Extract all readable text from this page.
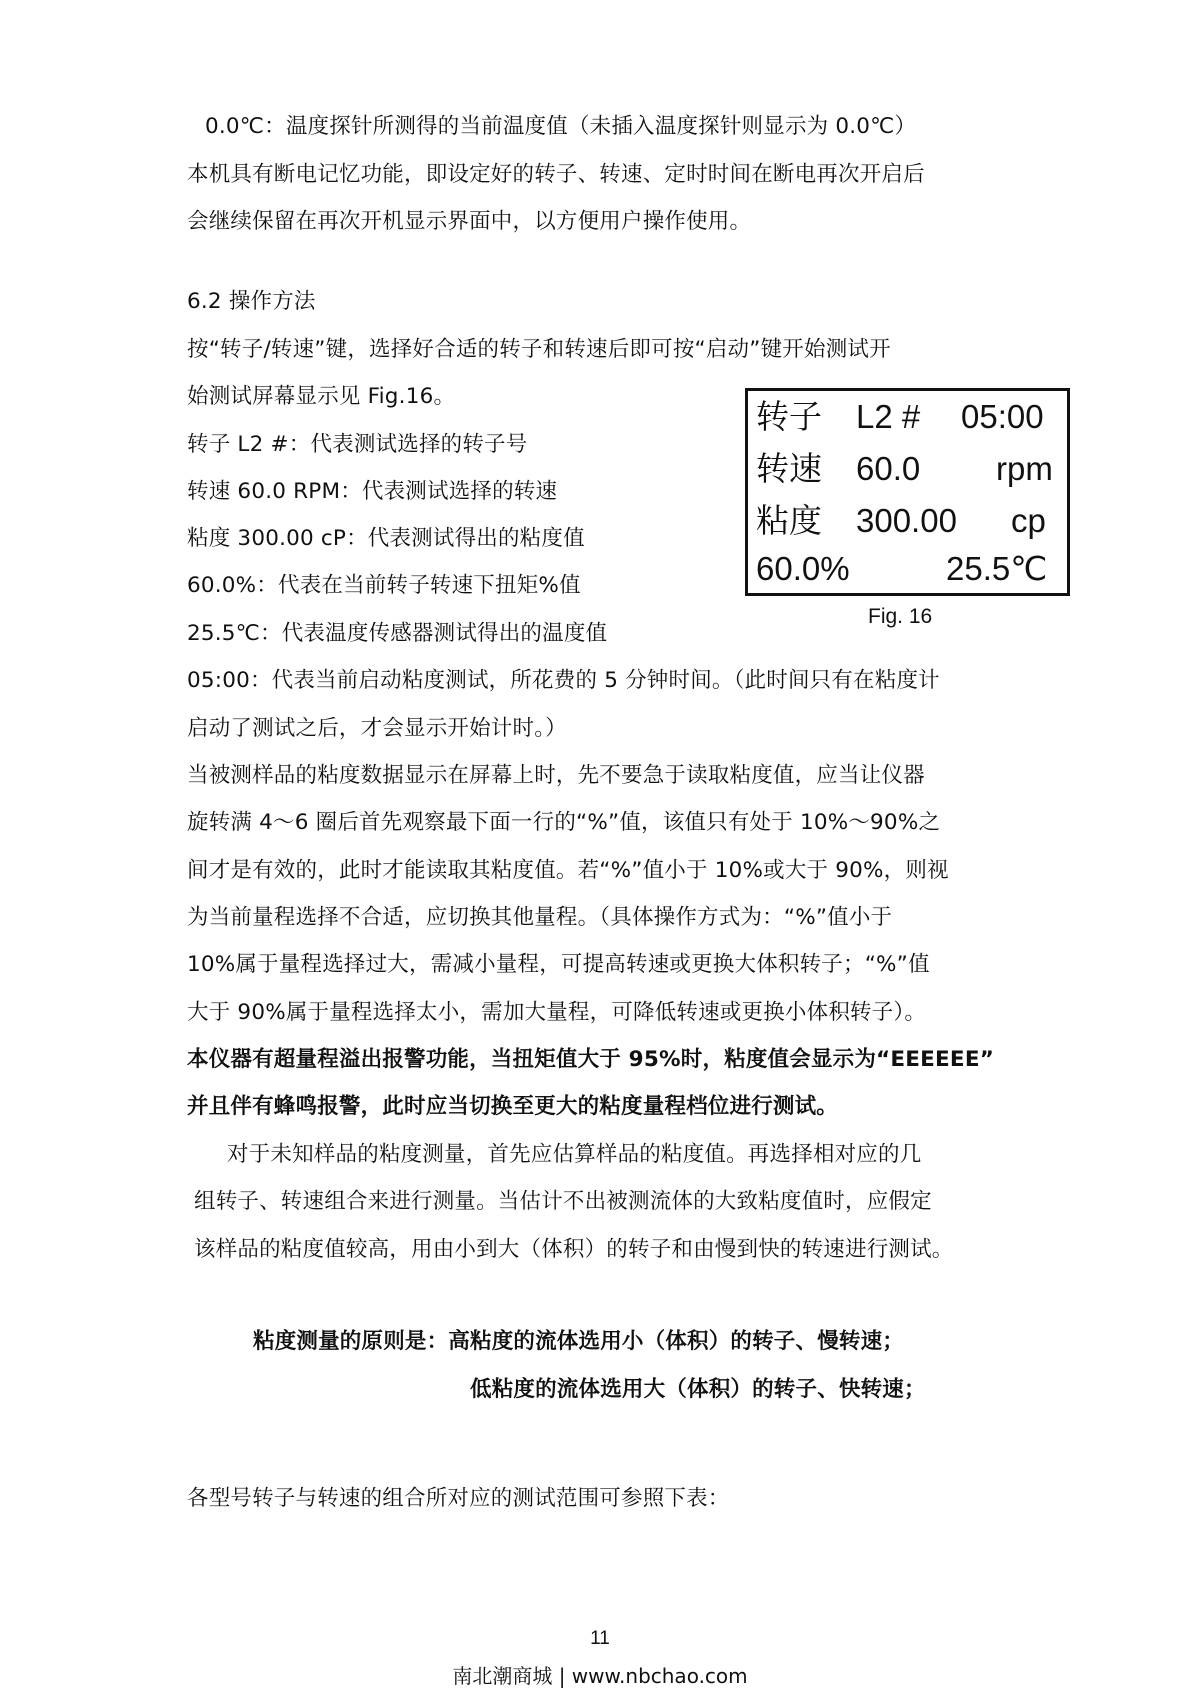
0.0℃：温度探针所测得的当前温度值（未插入温度探针则显示为 0.0℃）
本机具有断电记忆功能，即设定好的转子、转速、定时时间在断电再次开启后
会继续保留在再次开机显示界面中，以方便用户操作使用。
6.2 操作方法
按“转子/转速”键，选择好合适的转子和转速后即可按“启动”键开始测试开
始测试屏幕显示见 Fig.16。
转子 L2 #：代表测试选择的转子号
转速 60.0 RPM：代表测试选择的转速
粘度 300.00 cP：代表测试得出的粘度值
60.0%：代表在当前转子转速下扭矩%值
25.5℃：代表温度传感器测试得出的温度值
05:00：代表当前启动粘度测试，所花费的 5 分钟时间。（此时间只有在粘度计
启动了测试之后，才会显示开始计时。）
当被测样品的粘度数据显示在屏幕上时，先不要急于读取粘度值，应当让仪器
旋转满 4～6 圈后首先观察最下面一行的“%”值，该值只有处于 10%～90%之
间才是有效的，此时才能读取其粘度值。若“%”值小于 10%或大于 90%，则视
为当前量程选择不合适，应切换其他量程。（具体操作方式为：“%”值小于
10%属于量程选择过大，需减小量程，可提高转速或更换大体积转子；“%”值
大于 90%属于量程选择太小，需加大量程，可降低转速或更换小体积转子）。
本仪器有超量程溢出报警功能，当扭矩值大于 95%时，粘度值会显示为“EEEEEE”
并且伴有蜂鸣报警，此时应当切换至更大的粘度量程档位进行测试。
对于未知样品的粘度测量，首先应估算样品的粘度值。再选择相对应的几
组转子、转速组合来进行测量。当估计不出被测流体的大致粘度值时，应假定
该样品的粘度值较高，用由小到大（体积）的转子和由慢到快的转速进行测试。
粘度测量的原则是：高粘度的流体选用小（体积）的转子、慢转速；
低粘度的流体选用大（体积）的转子、快转速；
各型号转子与转速的组合所对应的测试范围可参照下表：
转子 L2 # 05:00
转速 60.0 rpm
粘度 300.00 cp
60.0%	25.5℃
Fig. 16
11
南北潮商城 | www.nbchao.com
